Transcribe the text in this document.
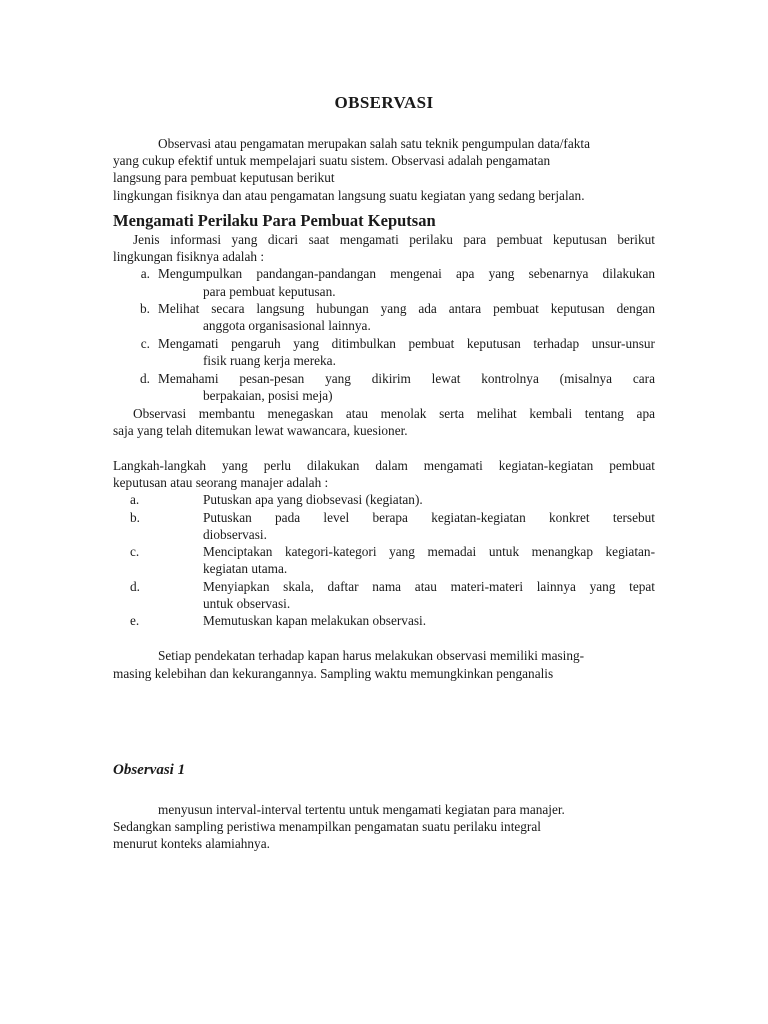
OBSERVASI
Observasi atau pengamatan merupakan salah satu teknik pengumpulan data/fakta
yang cukup efektif untuk mempelajari suatu sistem. Observasi adalah pengamatan
langsung para pembuat keputusan berikut
lingkungan fisiknya dan atau pengamatan langsung suatu kegiatan yang sedang berjalan.
Mengamati Perilaku Para Pembuat Keputsan
Jenis informasi yang dicari saat mengamati perilaku para pembuat keputusan berikut
lingkungan fisiknya adalah :
a. Mengumpulkan pandangan-pandangan mengenai apa yang sebenarnya dilakukan
para pembuat keputusan.
b. Melihat secara langsung hubungan yang ada antara pembuat keputusan dengan
anggota organisasional lainnya.
c. Mengamati pengaruh yang ditimbulkan pembuat keputusan terhadap unsur-unsur
fisik ruang kerja mereka.
d. Memahami pesan-pesan yang dikirim lewat kontrolnya (misalnya cara
berpakaian, posisi meja)
Observasi membantu menegaskan atau menolak serta melihat kembali tentang apa
saja yang telah ditemukan lewat wawancara, kuesioner.
Langkah-langkah yang perlu dilakukan dalam mengamati kegiatan-kegiatan pembuat
keputusan atau seorang manajer adalah :
a.	Putuskan apa yang diobsevasi (kegiatan).
b.	Putuskan pada level berapa kegiatan-kegiatan konkret tersebut
diobservasi.
c.	Menciptakan kategori-kategori yang memadai untuk menangkap kegiatan-
kegiatan utama.
d.	Menyiapkan skala, daftar nama atau materi-materi lainnya yang tepat
untuk observasi.
e.	Memutuskan kapan melakukan observasi.
Setiap pendekatan terhadap kapan harus melakukan observasi memiliki masing-
masing kelebihan dan kekurangannya. Sampling waktu memungkinkan penganalis
Observasi 1
menyusun interval-interval tertentu untuk mengamati kegiatan para manajer.
Sedangkan sampling peristiwa menampilkan pengamatan suatu perilaku integral
menurut konteks alamiahnya.
